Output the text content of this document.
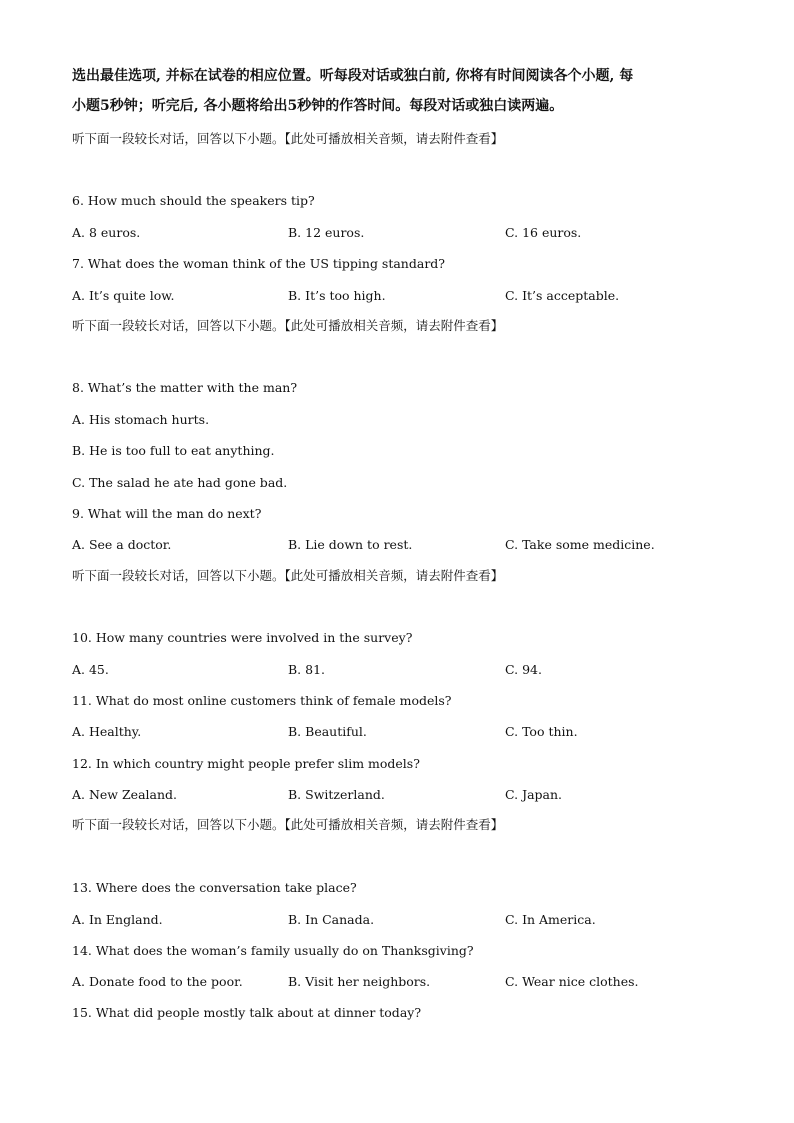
选出最佳选项, 并标在试卷的相应位置。听每段对话或独白前, 你将有时间阅读各个小题, 每
小题5秒钟；听完后, 各小题将给出5秒钟的作答时间。每段对话或独白读两遍。
听下面一段较长对话，回答以下小题。【此处可播放相关音频，请去附件查看】
6. How much should the speakers tip?
A. 8 euros.	B. 12 euros.	C. 16 euros.
7. What does the woman think of the US tipping standard?
A. It’s quite low.	B. It’s too high.	C. It’s acceptable.
听下面一段较长对话，回答以下小题。【此处可播放相关音频，请去附件查看】
8. What’s the matter with the man?
A. His stomach hurts.
B. He is too full to eat anything.
C. The salad he ate had gone bad.
9. What will the man do next?
A. See a doctor.	B. Lie down to rest.	C. Take some medicine.
听下面一段较长对话，回答以下小题。【此处可播放相关音频，请去附件查看】
10. How many countries were involved in the survey?
A. 45.	B. 81.	C. 94.
11. What do most online customers think of female models?
A. Healthy.	B. Beautiful.	C. Too thin.
12. In which country might people prefer slim models?
A. New Zealand.	B. Switzerland.	C. Japan.
听下面一段较长对话，回答以下小题。【此处可播放相关音频，请去附件查看】
13. Where does the conversation take place?
A. In England.	B. In Canada.	C. In America.
14. What does the woman’s family usually do on Thanksgiving?
A. Donate food to the poor.	B. Visit her neighbors.	C. Wear nice clothes.
15. What did people mostly talk about at dinner today?
